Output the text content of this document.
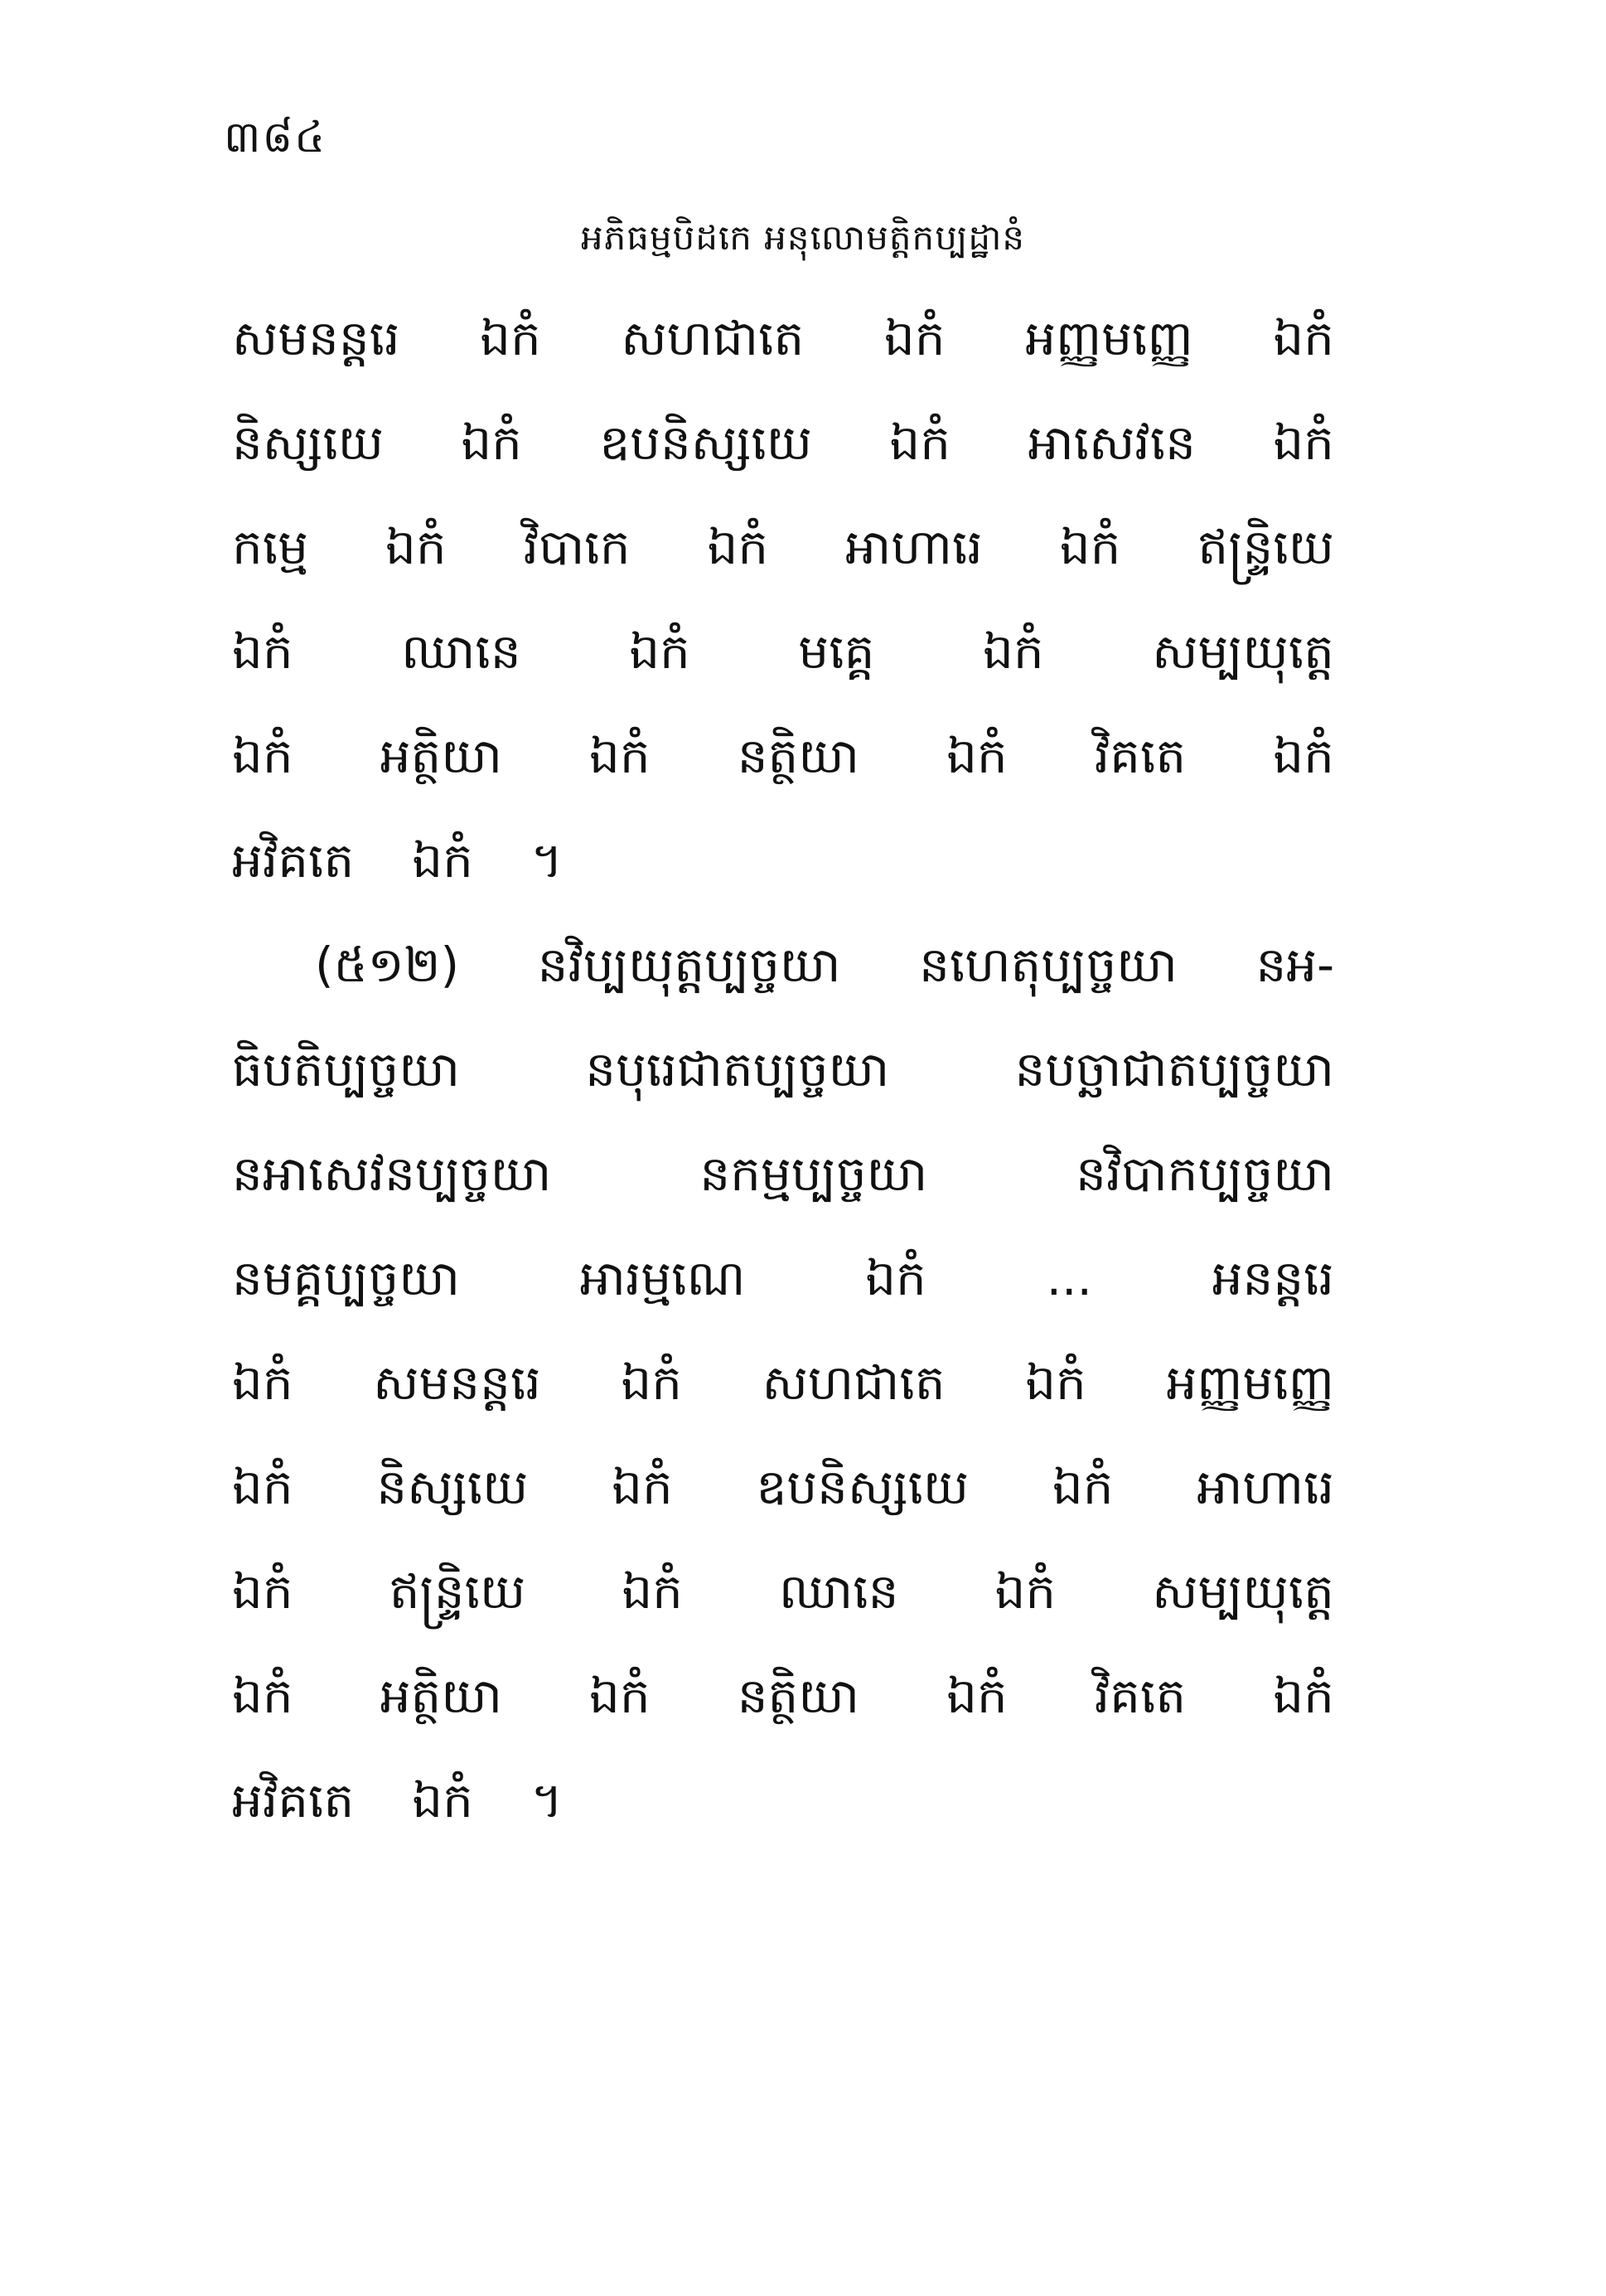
៣៨៤
អភិធម្មបិដកេ អនុលោមត្តិកប្បដ្ឋានំ
សមនន្តរេ ឯកំ សហជាតេ ឯកំ អញ្ញមញ្ញេ ឯកំ
និស្សយេ ឯកំ ឧបនិស្សយេ ឯកំ អាសេវនេ ឯកំ
កម្មេ ឯកំ វិបាកេ ឯកំ អាហារេ ឯកំ ឥន្ទ្រិយេ
ឯកំ ឈានេ ឯកំ មគ្គេ ឯកំ សម្បយុត្តេ
ឯកំ អត្ថិយា ឯកំ នត្ថិយា ឯកំ វិគតេ ឯកំ
អវិគតេ ឯកំ ។
(៥១២) នវិប្បយុត្តប្បច្ចយា នហេតុប្បច្ចយា នអ-
ធិបតិប្បច្ចយា	នបុរេជាតប្បច្ចយា	នបច្ឆាជាតប្បច្ចយា
នអាសេវនប្បច្ចយា	នកម្មប្បច្ចយា	នវិបាកប្បច្ចយា
នមគ្គប្បច្ចយា អារម្មណេ ឯកំ ... អនន្តរេ
ឯកំ សមនន្តរេ ឯកំ សហជាតេ ឯកំ អញ្ញមញ្ញេ
ឯកំ និស្សយេ ឯកំ ឧបនិស្សយេ ឯកំ អាហារេ
ឯកំ ឥន្ទ្រិយេ ឯកំ ឈានេ ឯកំ សម្បយុត្តេ
ឯកំ អត្ថិយា ឯកំ នត្ថិយា ឯកំ វិគតេ ឯកំ
អវិគតេ ឯកំ ។
